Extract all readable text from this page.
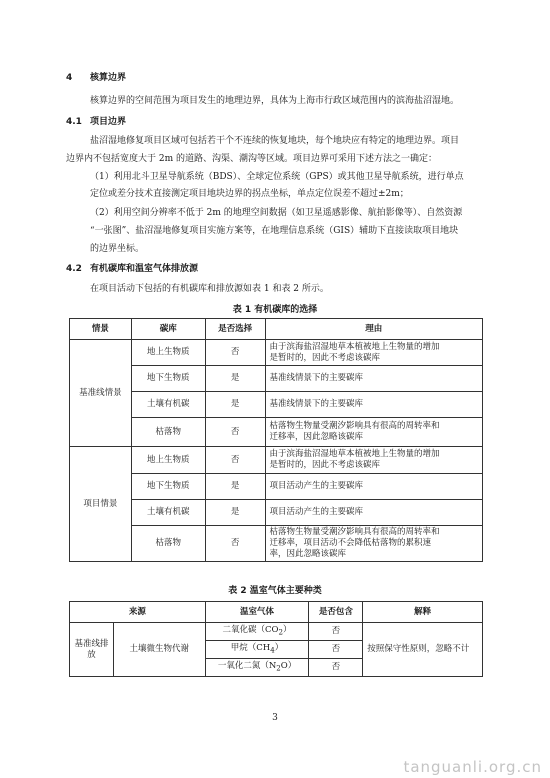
4 核算边界
核算边界的空间范围为项目发生的地理边界，具体为上海市行政区域范围内的滨海盐沼湿地。
4.1 项目边界
盐沼湿地修复项目区域可包括若干个不连续的恢复地块，每个地块应有特定的地理边界。项目
边界内不包括宽度大于 2m 的道路、沟渠、潮沟等区域。项目边界可采用下述方法之一确定：
（1）利用北斗卫星导航系统（BDS）、全球定位系统（GPS）或其他卫星导航系统，进行单点
定位或差分技术直接测定项目地块边界的拐点坐标，单点定位误差不超过±2m；
（2）利用空间分辨率不低于 2m 的地理空间数据（如卫星遥感影像、航拍影像等）、自然资源
“一张图”、盐沼湿地修复项目实施方案等，在地理信息系统（GIS）辅助下直接读取项目地块
的边界坐标。
4.2 有机碳库和温室气体排放源
在项目活动下包括的有机碳库和排放源如表 1 和表 2 所示。
表 1 有机碳库的选择
情景	碳库	是否选择	理由
基准线情景	地上生物质	否	由于滨海盐沼湿地草本植被地上生物量的增加
是暂时的，因此不考虑该碳库
	地下生物质	是	基准线情景下的主要碳库
	土壤有机碳	是	基准线情景下的主要碳库
	枯落物	否	枯落物生物量受潮汐影响具有很高的周转率和
迁移率，因此忽略该碳库
项目情景	地上生物质	否	由于滨海盐沼湿地草本植被地上生物量的增加
是暂时的，因此不考虑该碳库
	地下生物质	是	项目活动产生的主要碳库
	土壤有机碳	是	项目活动产生的主要碳库
	枯落物	否	枯落物生物量受潮汐影响具有很高的周转率和
迁移率，项目活动不会降低枯落物的累积速
率，因此忽略该碳库
表 2 温室气体主要种类
来源		温室气体	是否包含	解释
基准线排放	土壤微生物代谢	二氧化碳$(CO_2)$	否	按照保守性原则，忽略不计
		甲烷$(CH_4)$	否	
		一氧化二氮$(N_2O)$	否	
3
tanguanli.org.cn
